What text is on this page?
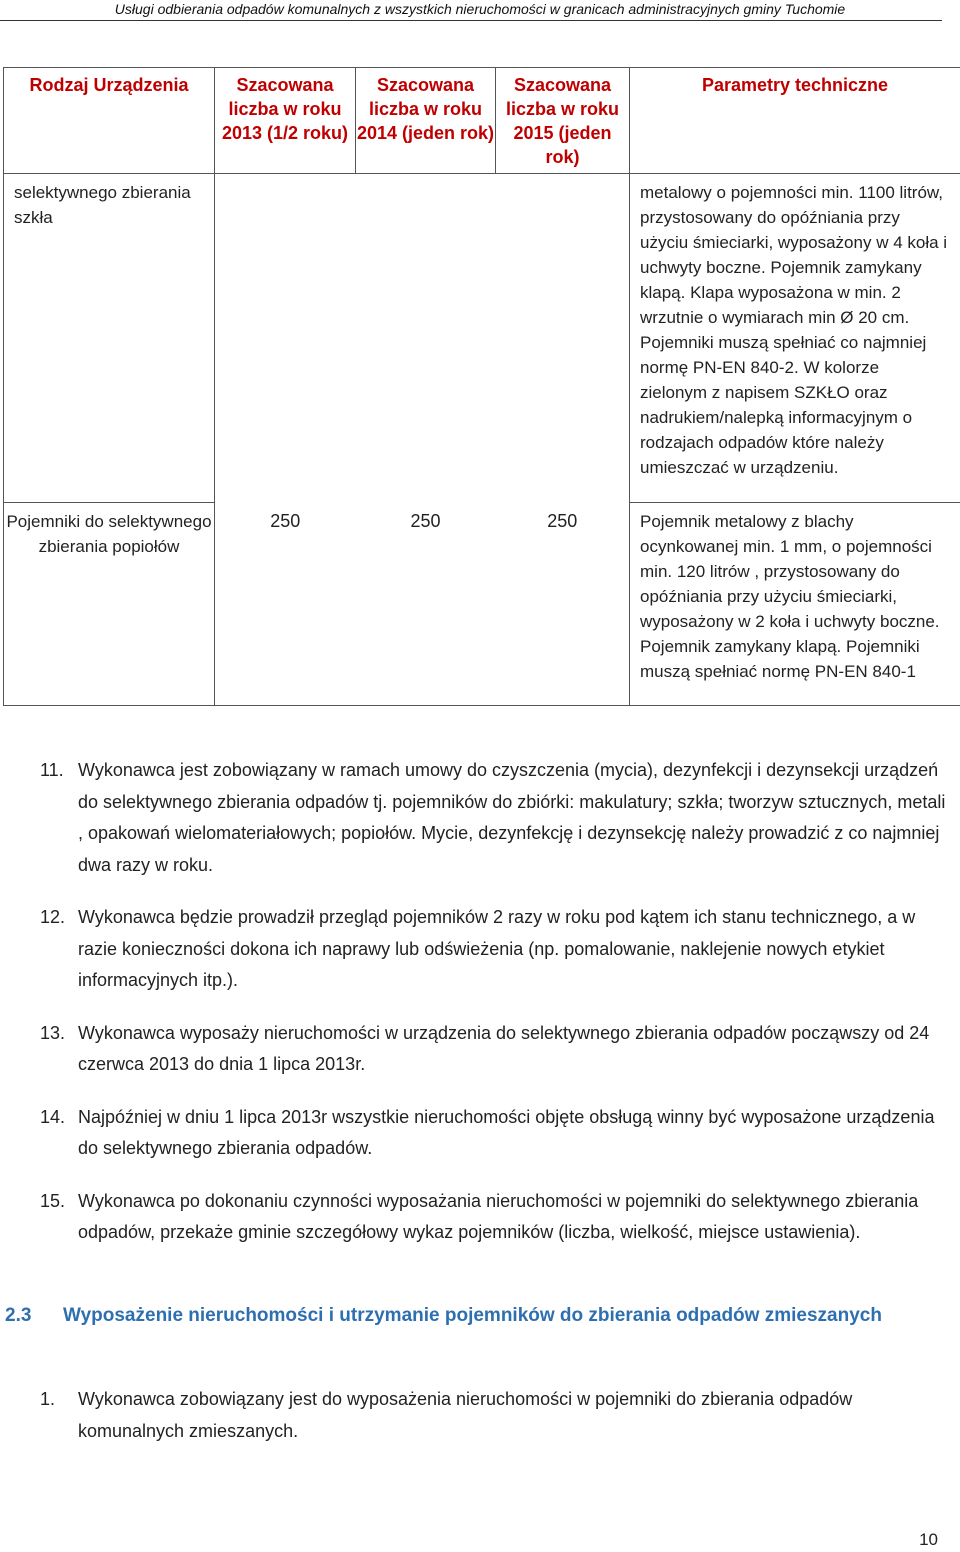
Usługi odbierania odpadów komunalnych z wszystkich nieruchomości w granicach administracyjnych gminy Tuchomie
Rodzaj Urządzenia	Szacowana liczba w roku 2013 (1/2 roku)	Szacowana liczba w roku 2014 (jeden rok)	Szacowana liczba w roku 2015 (jeden rok)	Parametry techniczne
selektywnego zbierania szkła				metalowy o pojemności min. 1100 litrów, przystosowany do opóźniania przy użyciu śmieciarki, wyposażony w 4 koła i uchwyty boczne. Pojemnik zamykany klapą. Klapa wyposażona w min. 2 wrzutnie o wymiarach min Ø 20 cm. Pojemniki muszą spełniać co najmniej normę PN-EN 840-2. W kolorze zielonym z napisem SZKŁO oraz nadrukiem/nalepką informacyjnym o rodzajach odpadów które należy umieszczać w urządzeniu.
Pojemniki do selektywnego zbierania popiołów	250	250	250	Pojemnik metalowy z blachy ocynkowanej min. 1 mm, o pojemności min. 120 litrów , przystosowany do opóźniania przy użyciu śmieciarki, wyposażony w 2 koła i uchwyty boczne. Pojemnik zamykany klapą. Pojemniki muszą spełniać normę PN-EN 840-1
11. Wykonawca jest zobowiązany w ramach umowy do czyszczenia (mycia), dezynfekcji i dezynsekcji urządzeń do selektywnego zbierania odpadów tj. pojemników do zbiórki: makulatury; szkła; tworzyw sztucznych, metali , opakowań wielomateriałowych; popiołów. Mycie, dezynfekcję i dezynsekcję należy prowadzić z co najmniej dwa razy w roku.
12. Wykonawca będzie prowadził przegląd pojemników 2 razy w roku pod kątem ich stanu technicznego, a w razie konieczności dokona ich naprawy lub odświeżenia (np. pomalowanie, naklejenie nowych etykiet informacyjnych itp.).
13. Wykonawca wyposaży nieruchomości w urządzenia do selektywnego zbierania odpadów począwszy od 24 czerwca 2013 do dnia 1 lipca 2013r.
14. Najpóźniej w dniu 1 lipca 2013r wszystkie nieruchomości objęte obsługą winny być wyposażone urządzenia do selektywnego zbierania odpadów.
15. Wykonawca po dokonaniu czynności wyposażania nieruchomości w pojemniki do selektywnego zbierania odpadów, przekaże gminie szczegółowy wykaz pojemników (liczba, wielkość, miejsce ustawienia).
2.3 Wyposażenie nieruchomości i utrzymanie pojemników do zbierania odpadów zmieszanych
1. Wykonawca zobowiązany jest do wyposażenia nieruchomości w pojemniki do zbierania odpadów komunalnych zmieszanych.
10
